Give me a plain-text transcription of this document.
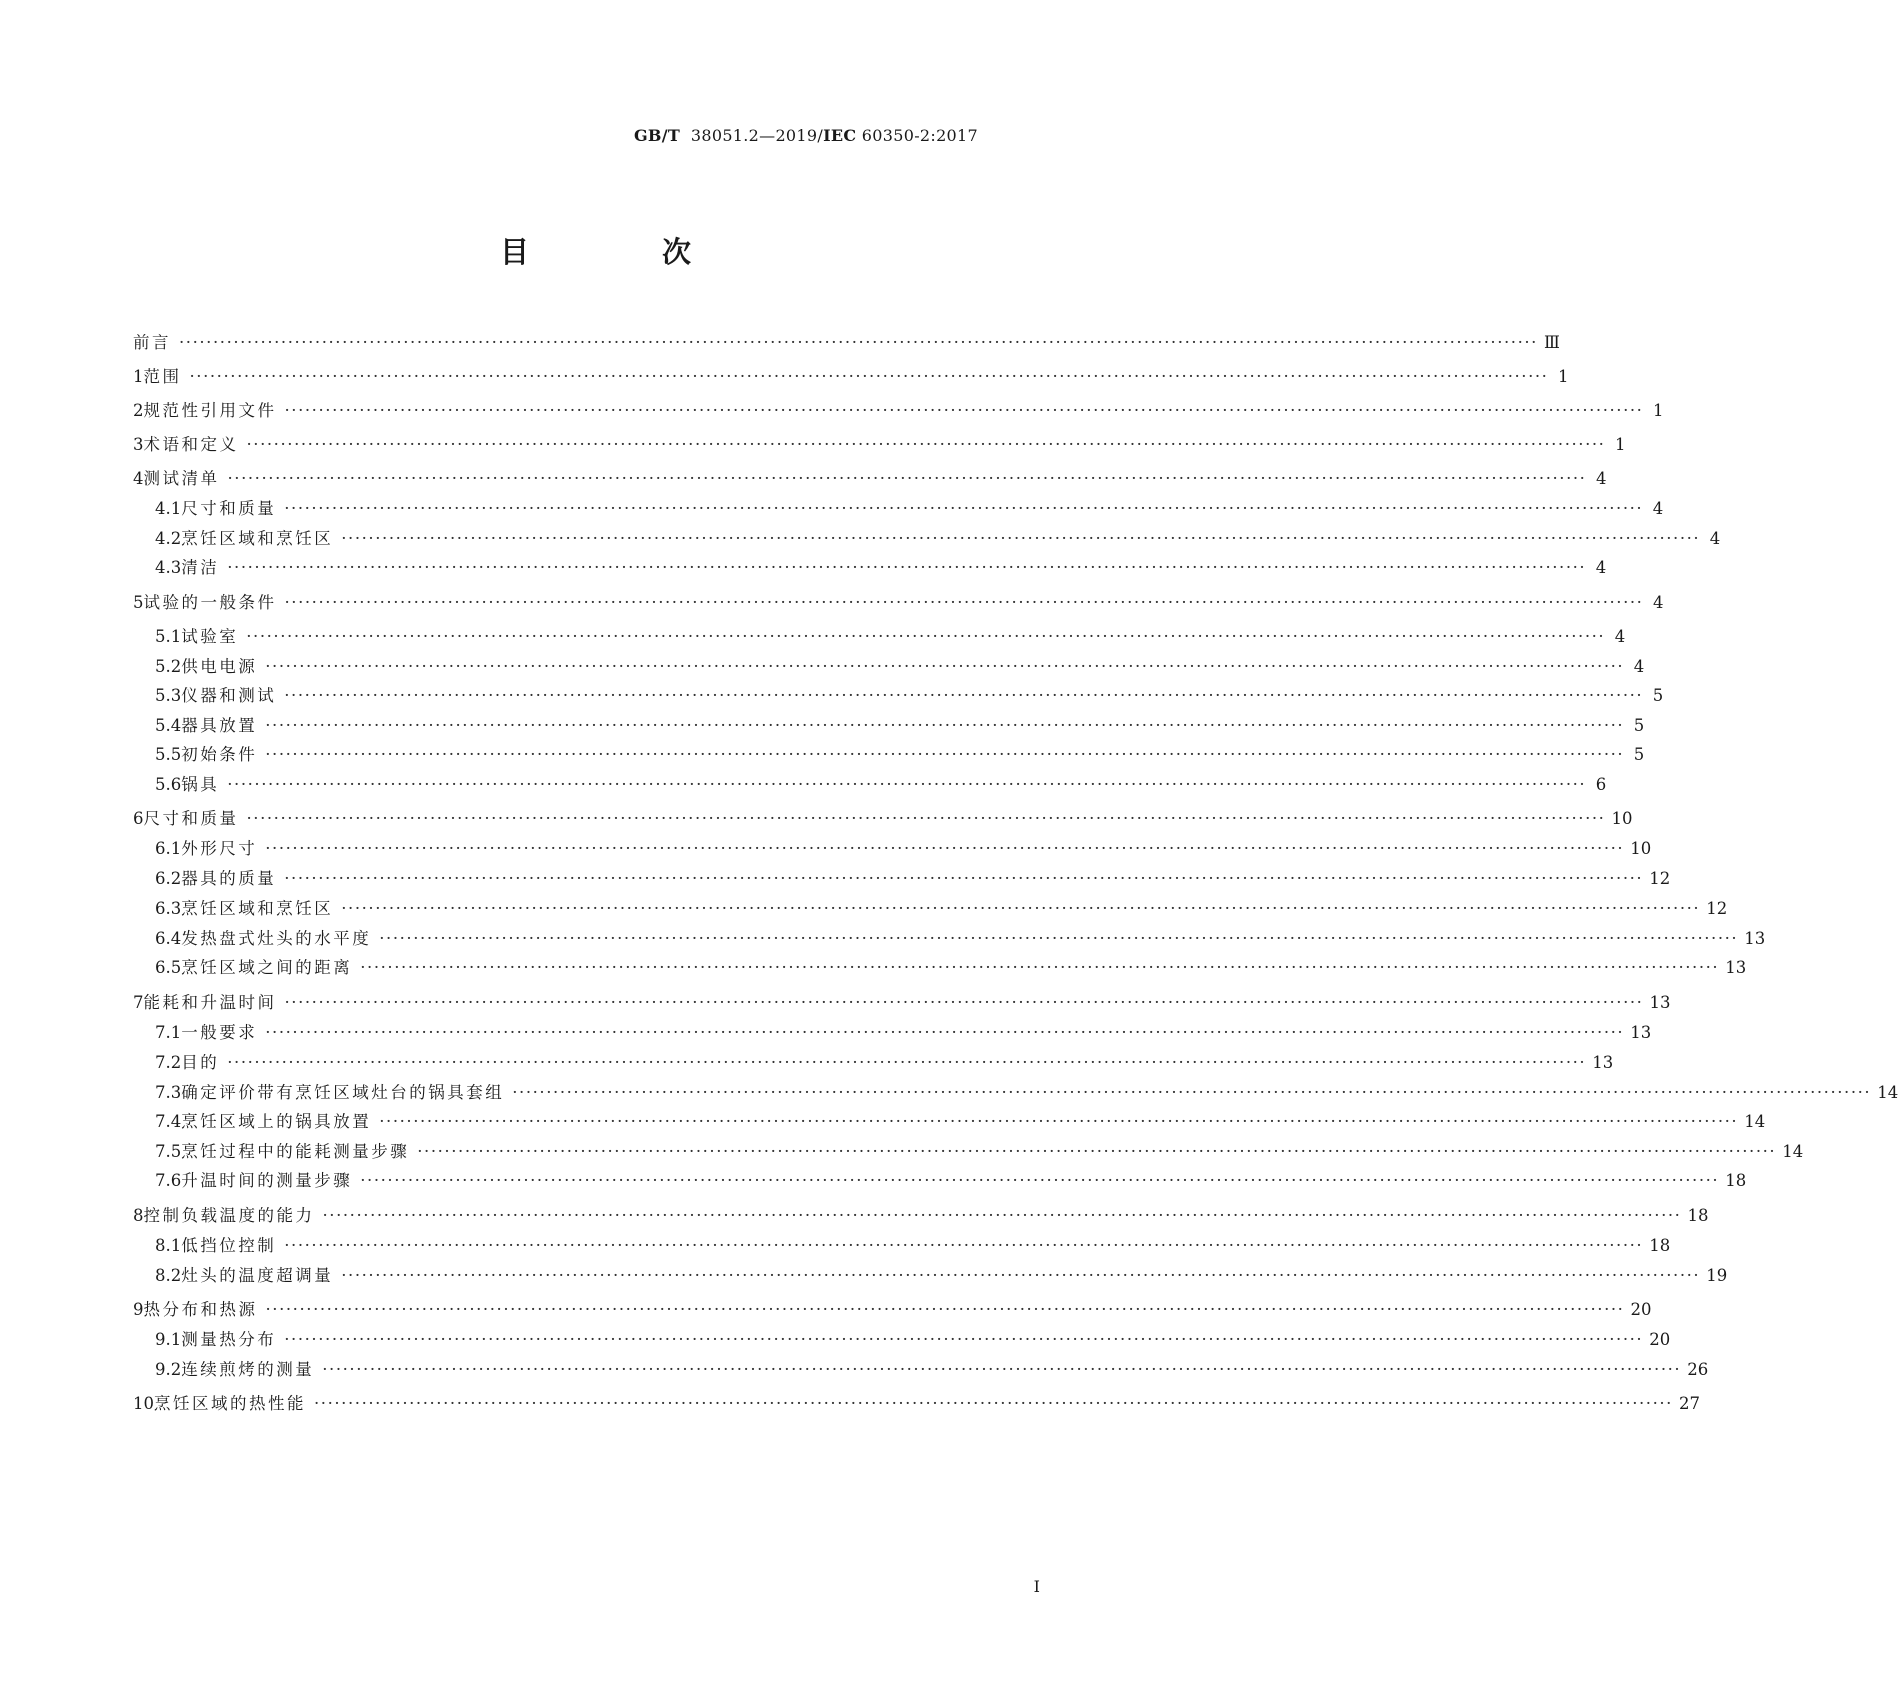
GB/T 38051.2—2019/IEC 60350-2:2017
目　次
前言 ········································································································································································································ Ⅲ
1 范围 ········································································································································································································ 1
2 规范性引用文件 ········································································································································································································ 1
3 术语和定义 ········································································································································································································ 1
4 测试清单 ········································································································································································································ 4
4.1 尺寸和质量 ········································································································································································································ 4
4.2 烹饪区域和烹饪区 ········································································································································································································ 4
4.3 清洁 ········································································································································································································ 4
5 试验的一般条件 ········································································································································································································ 4
5.1 试验室 ········································································································································································································ 4
5.2 供电电源 ········································································································································································································ 4
5.3 仪器和测试 ········································································································································································································ 5
5.4 器具放置 ········································································································································································································ 5
5.5 初始条件 ········································································································································································································ 5
5.6 锅具 ········································································································································································································ 6
6 尺寸和质量 ········································································································································································································ 10
6.1 外形尺寸 ········································································································································································································ 10
6.2 器具的质量 ········································································································································································································ 12
6.3 烹饪区域和烹饪区 ········································································································································································································ 12
6.4 发热盘式灶头的水平度 ········································································································································································································ 13
6.5 烹饪区域之间的距离 ········································································································································································································ 13
7 能耗和升温时间 ········································································································································································································ 13
7.1 一般要求 ········································································································································································································ 13
7.2 目的 ········································································································································································································ 13
7.3 确定评价带有烹饪区域灶台的锅具套组 ········································································································································································································ 14
7.4 烹饪区域上的锅具放置 ········································································································································································································ 14
7.5 烹饪过程中的能耗测量步骤 ········································································································································································································ 14
7.6 升温时间的测量步骤 ········································································································································································································ 18
8 控制负载温度的能力 ········································································································································································································ 18
8.1 低挡位控制 ········································································································································································································ 18
8.2 灶头的温度超调量 ········································································································································································································ 19
9 热分布和热源 ········································································································································································································ 20
9.1 测量热分布 ········································································································································································································ 20
9.2 连续煎烤的测量 ········································································································································································································ 26
10 烹饪区域的热性能 ········································································································································································································ 27
I
